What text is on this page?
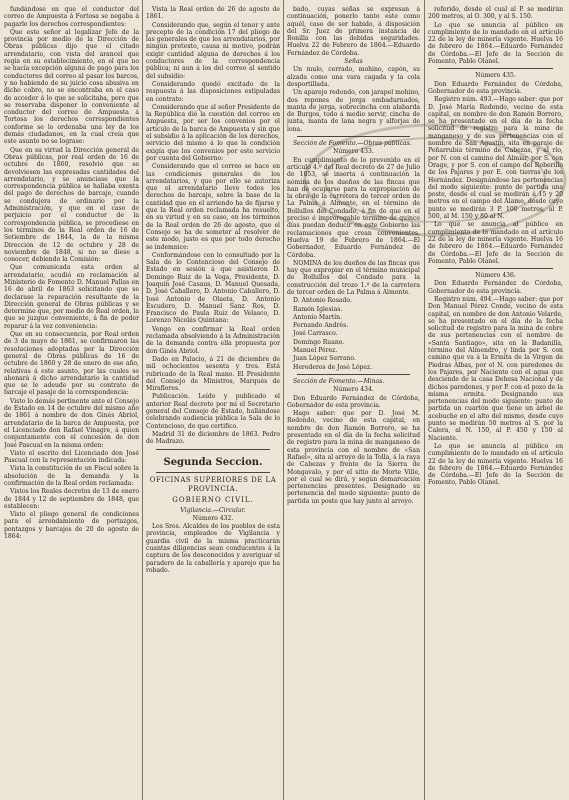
fundándose en que el conductor del correo de Ampuesta á Fortosa se negaba á pagarle los derechos correspondientes:

Que este señor al legalizar Jefe de la provincia por medio de la Dirección de Obras públicas dijo que el citado arrendatario, con vista del arancel que regía en su establecimiento, en el que no se hacía excepción alguna de pago para los conductores del correo al pasar los barcos, y no habiendo de su juicio cosa abusiva en dicho cobro, no se encontraba en el caso de acceder á lo que se solicitaba, pero que se reservaba disponer lo conveniente al conductor del correo de Ampuesta á Tortosa los derechos correspondientes conforme se lo ordenaba una ley de los demás ciudadanos, en la cual creía que este asunto no se lograse:

Que en su virtud la Dirección general de Obras públicas, por real orden de 16 de octubre de 1860, resolvió que se devolviesen las expresadas cantidades del arrendatario, y se anunciase que la correspondencia pública se hallaba exenta del pago de derechos de barcaje, cuando se condujera de ordinario por la Administración, y que en el caso de perjuicio por el conductor de la correspondencia pública, se procediese en los términos de la Real orden de 16 de Setiembre de 1844, la de la misma Dirección de 12 de octubre y 28 de noviembre de 1848, si no se diese a conocer, debiendo la Comisión:

Que comunicada esta orden al arrendatario, acudió en reclamación al Ministerio de Fomento D. Manuel Pallas en 16 de abril de 1863 solicitando que se declarase la reparación resultante de la Dirección general de Obras públicas y se determine que, por medio de Real orden, la que se juzgue conveniente, á fin de poder reparar á la vez conveniencia:

Que en su consecuencia, por Real orden de 3 de mayo de 1861, se confirmaron las resoluciones adoptadas por la Dirección general de Obras públicas de 16 de octubre de 1860 y 28 de enero de ese año, relativas á este asunto, por las cuales se abonará á dicho arrendatario la cantidad que se le adeude por su contrato de barcaje el pasaje de la correspondencia:

Visto lo demás pertinente ante el Consejo de Estado en 14 de octubre del mismo año de 1861 á nombre de don Ginés Abriol, arrendatario de la barca de Ampuesta, por el Licenciado don Rafael Vinagre, á quien conjuntamente con el concesión de don José Pascual en la misma orden:

Visto el escrito del Licenciado don José Pascual con la representación indicada:

Vista la constitución de un Fiscal sobre la absolución de la demanda y la confirmación de la Real orden reclamada:

Vistos los Reales decretos de 13 de enero de 1844 y 12 de septiembre de 1848, que establecen:

Visto el pliego general de condiciones para el arrendamiento de portazgos, pontazgos y barcajes de 20 de agosto de 1864:

Vista la Real orden de 26 de agosto de 1861.

Considerando que, según el tenor y ante precepto de la condición 17 del pliego de las generales de que los arrendatarios, por ningún pretexto, causa ni motivo, podrán exigir cantidad alguna de derechos á los conductores de la correspondencia pública; ni aun á los del correo al sentido del subsidio:

Considerando quedó excitado de la respuesta á las disposiciones estipuladas en contrato:

Considerando que al señor Presidente de la República dió la cuestión del correo en Ampuesta, por ser los convenios por el artículo de la barca de Ampuesta y sin que el subsidio á la aplicación de los derechos, servicio del mismo á lo que la condición exigía que los convenios por este servicio por cuenta del Gobierno:

Considerando que el correo se hace en las condiciones generales de los arrendatarios, y que por ello se autoriza que el arrendatario lleve todos los derechos de barcaje, sobre la base de la cantidad que en el arriendo ha de fijarse y que la Real orden reclamada ha resuelto, en su virtud y en su caso, en los términos de la Real orden de 26 de agosto, que el Consejo se ha de someter al resolver de este modo, justo es que por todo derecho se indemnice:

Conformándose con lo consultado por la Sala de lo Contencioso del Consejo de Estado en sesión á que asistieron D. Domingo Ruiz de la Vega, Presidente, D. Joaquín José Casaus, D. Manuel Quesada, D. José Caballero, D. Antonio Caballero, D. José Antonio de Olaeta, D. Antonio Escudero, D. Manuel Sanz Ros, D. Francisco de Paula Ruiz de Velasco, D. Lorenzo Nicolás Quintana:

Vengo en confirmar la Real orden reclamada absolviendo á la Administración de la demanda contra ella propuesta por don Ginés Abriol.

Dado en Palacio, á 21 de diciembre de mil ochocientos sesenta y tres. Está rubricado de la Real mano. El Presidente del Consejo de Ministros, Marqués de Miraflores.

Publicación. Leído y publicado el anterior Real decreto por mí el Secretario general del Consejo de Estado, hallándose celebrando audiencia pública la Sala de lo Contencioso, de que certifico.

Madrid 31 de diciembre de 1863. Pedro de Madrazo.

Segunda Seccion.
OFICINAS SUPERIORES DE LA PROVINCIA.
GOBIERNO CIVIL.

Vigilancia.—Circular.

Número 432.

Los Sres. Alcaldes de los pueblos de esta provincia, empleados de Vigilancia y guardia civil de la misma practicarán cuantas diligencias sean conducentes á la captura de los desconocidos y averiguar el paradero de la caballería y aparejo que ha robado.

bado, cuyas señas se expresan á continuación, ponerlo tanto este como aquél, caso de ser habido, á disposición del Sr. Juez de primera instancia de Bonilla con las debidas seguridades. Huelva 22 de Febrero de 1864.—Eduardo Fernández de Córdoba.

Señas

Un mulo, cerrado, mohino, capón, su alzada como una vara cagada y la cola desportillada.

Un aparejo redondo, con jarapel mohino, dos repones de jerga embadurnados, manta de jerga, sobrecincha con alabarda de Burgos, todo á medio servir, cincha de junta, manta de lana negra y alforjas de lona.

Sección de Fomento.—Obras públicas.

Número 433.

En cumplimiento de lo prevenido en el artículo 4.º del Real decreto de 27 de Julio de 1853, se inserta á continuación la nómina de los dueños de las fincas que han de ocuparse para la expropiación de la obra de la carretera de tercer orden de La Palma á Almonte, en el término de Bollullos del Condado, á fin de que en el preciso é improrogable término de quince días puedan deducir en este Gobierno las reclamaciones que crean convenientes. Huelva 19 de Febrero de 1864.—El Gobernador, Eduardo Fernández de Córdoba.

NOMINA de los dueños de las fincas que hay que expropiar en el término municipal de Bollullos del Condado para la construcción del trozo 1.º de la carretera de tercer orden de La Palma á Almonte.

D. Antonio Rosado.

Ramón Iglesias.

Antonio Martín.

Fernando Andrés.

José Carrasco.

Domingo Ruano.

Manuel Pérez.

Juan López Serrano.

Herederos de José López.

Sección de Fomento.—Minas.

Número 434.

Don Eduardo Fernández de Córdoba, Gobernador de esta provincia.

Hago saber: que por D. José M. Redondo, vecino de esta capital, en nombre de don Ramón Borrero, se ha presentado en el día de la fecha solicitud de registro para la mina de manganeso de esta provincia con el nombre de «San Rafael», sita al arroyo de la Tolla, á la raya de Cabezas y frente de la Sierra de Mongavalo, y por el sitio de Morte Ville, por el cual se dirá, y según demarcación pertenencias presentes. Designado su pertenencia del modo siguiente: punto de partida un poste que hay junto al arroyo.

referido, desde el cual al P. se medirán 200 metros, al O. 300, y al S. 150.

Lo que se anuncia al público en cumplimiento de lo mandado en el artículo 22 de la ley de minería vigente. Huelva 16 de febrero de 1864.—Eduardo Fernández de Córdoba.—El Jefe de la Sección de Fomento, Pablo Olanel.

Número 435.

Don Eduardo Fernández de Córdoba, Gobernador de esta provincia.

Registro núm. 493.—Hago saber: que por D. José María Redondo, vecino de esta capital, en nombre de don Ramón Borrero, se ha presentado en el día de la fecha solicitud de registro para la mina de manganeso y de sus pertenencias con el nombre de San Agustín, sita en paraje de Peñarrubia término de Cabezas, y al río, por N. con el camino del Almiar, por S. con Orage, y por S. con el campo del Roberillo de los Pajares y por E. con tierras de los Hernández. Designándose las pertenencias del modo siguiente: punto de partida una poste, desde el cual se medirán á 15 y 20 metros en el campo del Álamo, desde cuyo punto se medirán 3 P. 100 metros, al P. 500, al M. 150 y 80 al N.

Lo que se anuncia al público en cumplimiento de lo mandado en el artículo 22 de la ley de minería vigente. Huelva 16 de febrero de 1864.—Eduardo Fernández de Córdoba.—El Jefe de la Sección de Fomento, Pablo Olanel.

Número 436.

Don Eduardo Fernández de Córdoba, Gobernador de esta provincia.

Registro núm. 494.—Hago saber: que por Don Manuel Pérez Conde, vecino de esta capital, en nombre de don Antonio Velarde, se ha presentado en el día de la fecha solicitud de registro para la mina de cobre de sus pertenencias con el nombre de «Santa Santiago», sita en la Badanilla, término del Almendro, y linda por S. con camino que va á la Ermita de la Virgen de Piedras Albas, por el N. con paredones de los Pajares, por Naciente con el agua que desciende de la casa Dehesa Nacional y de dichos paredones, y por P. con el pozo de la misma ermita. Designando sus pertenencias del modo siguiente: punto de partida un cuartón que tiene un árbol de acebuche en el alto del mismo, desde cuyo punto se medirán 50 metros al S. por la Calera, al N. 150, al P. 450 y 150 al Naciente.

Lo que se anuncia al público en cumplimiento de lo mandado en el artículo 22 de la ley de minería vigente. Huelva 16 de febrero de 1864.—Eduardo Fernández de Córdoba.—El Jefe de la Sección de Fomento, Pablo Olanel.
